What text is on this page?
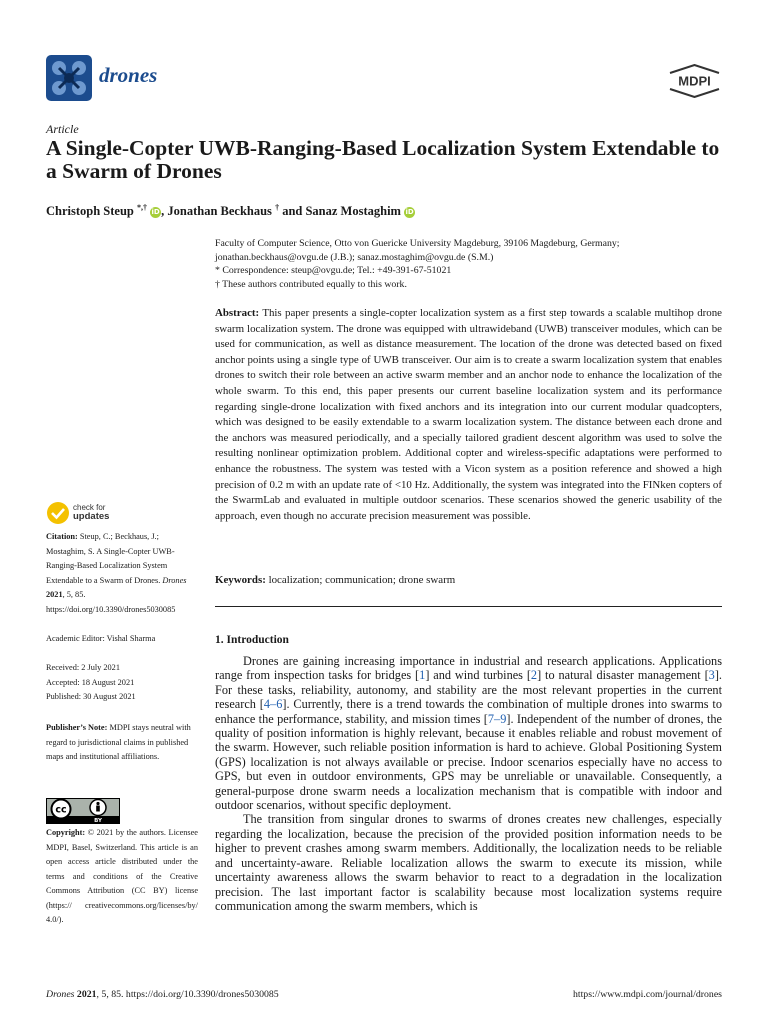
drones	MDPI
Article
A Single-Copter UWB-Ranging-Based Localization System Extendable to a Swarm of Drones
Christoph Steup *,† iD, Jonathan Beckhaus † and Sanaz Mostaghim iD
Faculty of Computer Science, Otto von Guericke University Magdeburg, 39106 Magdeburg, Germany;
jonathan.beckhaus@ovgu.de (J.B.); sanaz.mostaghim@ovgu.de (S.M.)
* Correspondence: steup@ovgu.de; Tel.: +49-391-67-51021
† These authors contributed equally to this work.
Abstract: This paper presents a single-copter localization system as a first step towards a scalable multihop drone swarm localization system. The drone was equipped with ultrawideband (UWB) transceiver modules, which can be used for communication, as well as distance measurement. The location of the drone was detected based on fixed anchor points using a single type of UWB transceiver. Our aim is to create a swarm localization system that enables drones to switch their role between an active swarm member and an anchor node to enhance the localization of the whole swarm. To this end, this paper presents our current baseline localization system and its performance regarding single-drone localization with fixed anchors and its integration into our current modular quadcopters, which was designed to be easily extendable to a swarm localization system. The distance between each drone and the anchors was measured periodically, and a specially tailored gradient descent algorithm was used to solve the resulting nonlinear optimization problem. Additional copter and wireless-specific adaptations were performed to enhance the robustness. The system was tested with a Vicon system as a position reference and showed a high precision of 0.2 m with an update rate of <10 Hz. Additionally, the system was integrated into the FINken copters of the SwarmLab and evaluated in multiple outdoor scenarios. These scenarios showed the generic usability of the approach, even though no accurate precision measurement was possible.
Keywords: localization; communication; drone swarm
check for
updates
Citation: Steup, C.; Beckhaus, J.; Mostaghim, S. A Single-Copter UWB-Ranging-Based Localization System Extendable to a Swarm of Drones. Drones 2021, 5, 85. https://doi.org/10.3390/drones5030085
Academic Editor: Vishal Sharma
Received: 2 July 2021
Accepted: 18 August 2021
Published: 30 August 2021
Publisher’s Note: MDPI stays neutral with regard to jurisdictional claims in published maps and institutional affiliations.
cc
BY
Copyright: © 2021 by the authors. Licensee MDPI, Basel, Switzerland. This article is an open access article distributed under the terms and conditions of the Creative Commons Attribution (CC BY) license (https:// creativecommons.org/licenses/by/ 4.0/).
1. Introduction

Drones are gaining increasing importance in industrial and research applications. Applications range from inspection tasks for bridges [1] and wind turbines [2] to natural disaster management [3]. For these tasks, reliability, autonomy, and stability are the most relevant properties in the current research [4–6]. Currently, there is a trend towards the combination of multiple drones into swarms to enhance the performance, stability, and mission times [7–9]. Independent of the number of drones, the quality of position information is highly relevant, because it enables reliable and robust movement of the swarm. However, such reliable position information is hard to achieve. Global Positioning System (GPS) localization is not always available or precise. Indoor scenarios especially have no access to GPS, but even in outdoor environments, GPS may be unreliable or unavailable. Consequently, a general-purpose drone swarm needs a localization mechanism that is compatible with indoor and outdoor scenarios, without specific deployment.

The transition from singular drones to swarms of drones creates new challenges, especially regarding the localization, because the precision of the provided position information needs to be higher to prevent crashes among swarm members. Additionally, the localization needs to be reliable and uncertainty-aware. Reliable localization allows the swarm to execute its mission, while uncertainty awareness allows the swarm behavior to react to a degradation in the localization precision. The last important factor is scalability because most localization systems require communication among the swarm members, which is

Drones 2021, 5, 85. https://doi.org/10.3390/drones5030085	https://www.mdpi.com/journal/drones
